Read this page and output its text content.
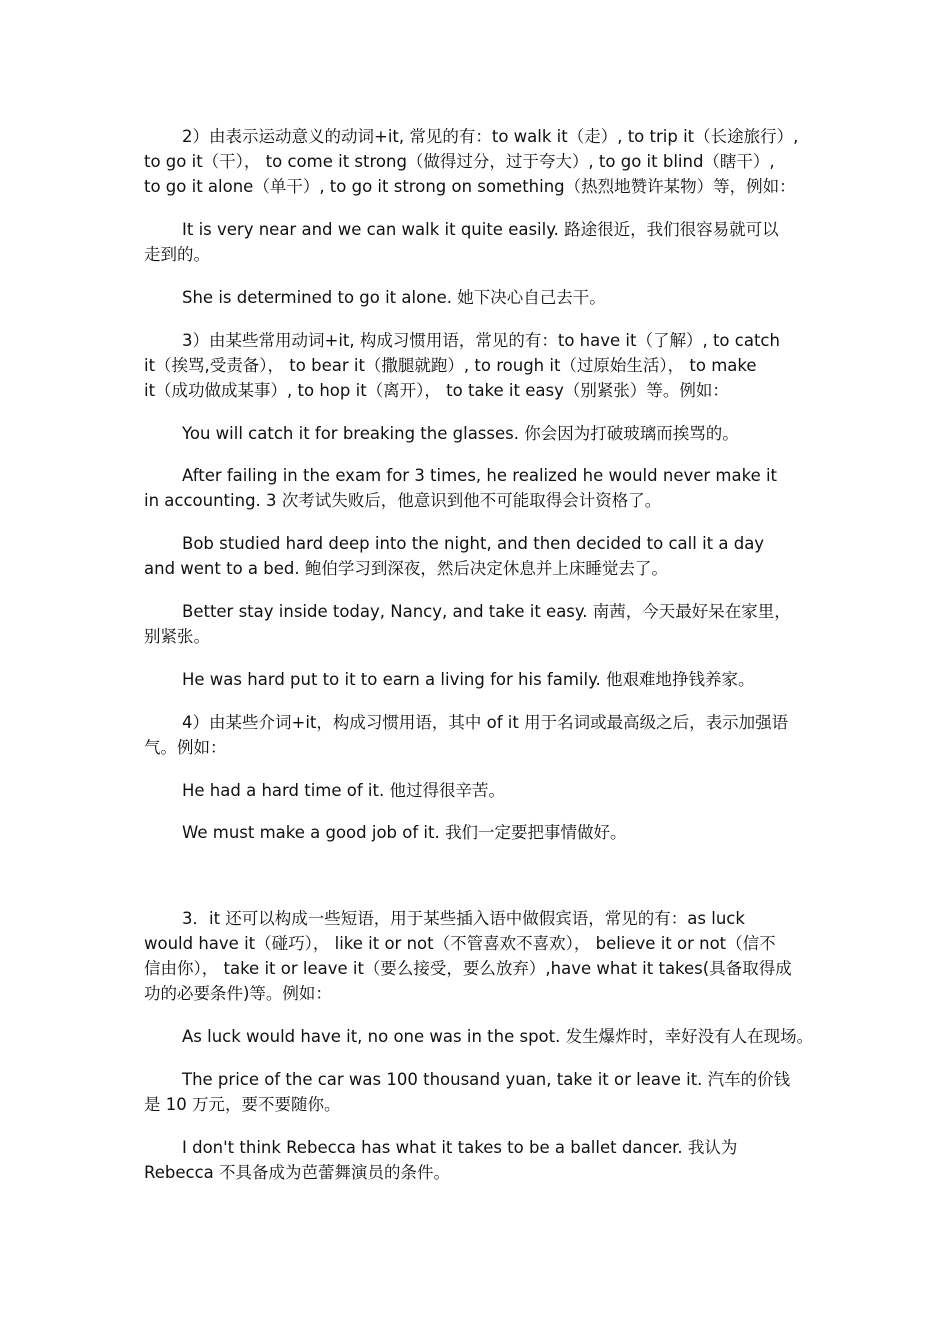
2）由表示运动意义的动词+it, 常见的有：to walk it（走）, to trip it（长途旅行）,
to go it（干）， to come it strong（做得过分，过于夸大）, to go it blind（瞎干）,
to go it alone（单干）, to go it strong on something（热烈地赞许某物）等，例如：

It is very near and we can walk it quite easily. 路途很近，我们很容易就可以
走到的。

She is determined to go it alone. 她下决心自己去干。

3）由某些常用动词+it, 构成习惯用语，常见的有：to have it（了解）, to catch
it（挨骂,受责备）， to bear it（撒腿就跑）, to rough it（过原始生活）， to make
it（成功做成某事）, to hop it（离开）， to take it easy（别紧张）等。例如：

You will catch it for breaking the glasses. 你会因为打破玻璃而挨骂的。

After failing in the exam for 3 times, he realized he would never make it
in accounting. 3 次考试失败后，他意识到他不可能取得会计资格了。

Bob studied hard deep into the night, and then decided to call it a day
and went to a bed. 鲍伯学习到深夜，然后决定休息并上床睡觉去了。

Better stay inside today, Nancy, and take it easy. 南茜，今天最好呆在家里，
别紧张。

He was hard put to it to earn a living for his family. 他艰难地挣钱养家。

4）由某些介词+it，构成习惯用语，其中 of it 用于名词或最高级之后，表示加强语
气。例如：

He had a hard time of it. 他过得很辛苦。

We must make a good job of it. 我们一定要把事情做好。

3．it 还可以构成一些短语，用于某些插入语中做假宾语，常见的有：as luck
would have it（碰巧）， like it or not（不管喜欢不喜欢）， believe it or not（信不
信由你）， take it or leave it（要么接受，要么放弃）,have what it takes(具备取得成
功的必要条件)等。例如：

As luck would have it, no one was in the spot. 发生爆炸时，幸好没有人在现场。

The price of the car was 100 thousand yuan, take it or leave it. 汽车的价钱
是 10 万元，要不要随你。

I don't think Rebecca has what it takes to be a ballet dancer. 我认为
Rebecca 不具备成为芭蕾舞演员的条件。
